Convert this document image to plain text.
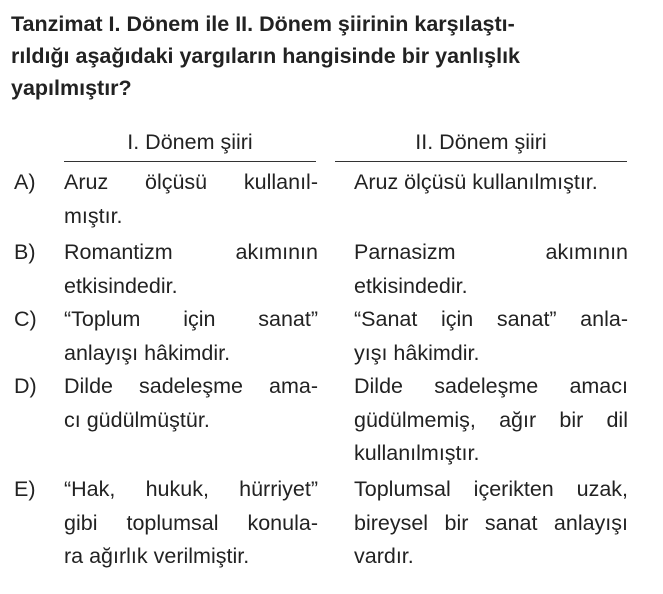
Tanzimat I. Dönem ile II. Dönem şiirinin karşılaştı-
rıldığı aşağıdaki yargıların hangisinde bir yanlışlık
yapılmıştır?

I. Dönem şiiri	II. Dönem şiiri
A) Aruz ölçüsü kullanıl-
mıştır.
Aruz ölçüsü kullanılmıştır.
B) Romantizm akımının
etkisindedir.
Parnasizm akımının
etkisindedir.
C) “Toplum için sanat”
anlayışı hâkimdir.
“Sanat için sanat” anla-
yışı hâkimdir.
D) Dilde sadeleşme ama-
cı güdülmüştür.
Dilde sadeleşme amacı
güdülmemiş, ağır bir dil
kullanılmıştır.
E) “Hak, hukuk, hürriyet”
gibi toplumsal konula-
ra ağırlık verilmiştir.
Toplumsal içerikten uzak,
bireysel bir sanat anlayışı
vardır.
